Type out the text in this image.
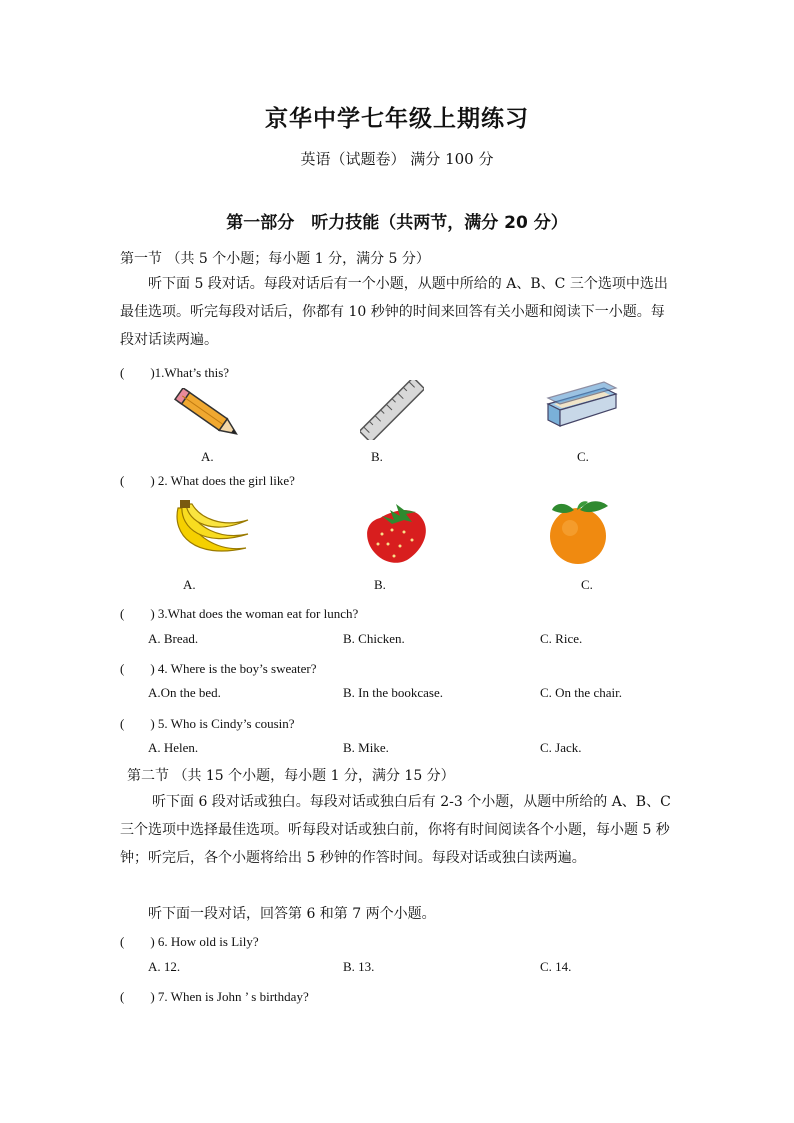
京华中学七年级上期练习
英语（试题卷） 满分 100 分
第一部分　听力技能（共两节，满分 20 分）
第一节 （共 5 个小题；每小题 1 分，满分 5 分）
听下面 5 段对话。每段对话后有一个小题，从题中所给的 A、B、C 三个选项中选出最佳选项。听完每段对话后，你都有 10 秒钟的时间来回答有关小题和阅读下一小题。每段对话读两遍。
(　　)1.What’s this?
A.	B.	C.
(　　) 2. What does the girl like?
A.	B.	C.
(　　) 3.What does the woman eat for lunch?
A. Bread.	B. Chicken.	C. Rice.
(　　) 4. Where is the boy’s sweater?
A.On the bed.	B. In the bookcase.	C. On the chair.
(　　) 5. Who is Cindy’s cousin?
A. Helen.	B. Mike.	C. Jack.
第二节 （共 15 个小题，每小题 1 分，满分 15 分）
听下面 6 段对话或独白。每段对话或独白后有 2-3 个小题，从题中所给的 A、B、C 三个选项中选择最佳选项。听每段对话或独白前，你将有时间阅读各个小题，每小题 5 秒钟；听完后，各个小题将给出 5 秒钟的作答时间。每段对话或独白读两遍。
听下面一段对话，回答第 6 和第 7 两个小题。
(　　) 6. How old is Lily?
A. 12.	B. 13.	C. 14.
(　　) 7. When is John ’ s birthday?
